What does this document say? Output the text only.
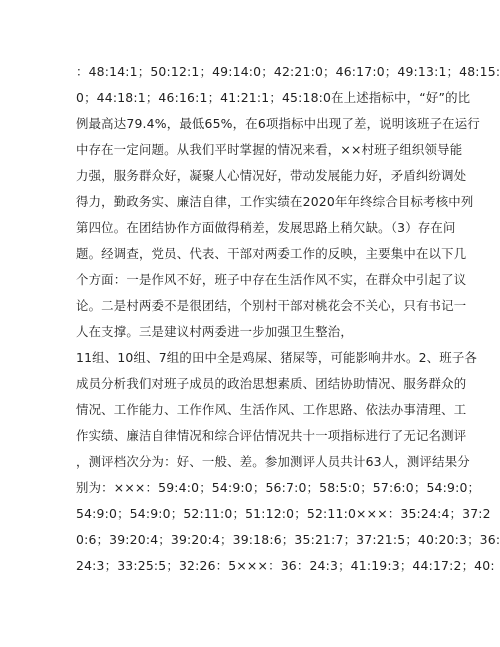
：48:14:1；50:12:1；49:14:0；42:21:0；46:17:0；49:13:1；48:15:
0；44:18:1；46:16:1；41:21:1；45:18:0在上述指标中，“好”的比
例最高达79.4%，最低65%，在6项指标中出现了差，说明该班子在运行
中存在一定问题。从我们平时掌握的情况来看，××村班子组织领导能
力强，服务群众好，凝聚人心情况好，带动发展能力好，矛盾纠纷调处
得力，勤政务实、廉洁自律，工作实绩在2020年年终综合目标考核中列
第四位。在团结协作方面做得稍差，发展思路上稍欠缺。（3）存在问
题。经调查，党员、代表、干部对两委工作的反映，主要集中在以下几
个方面：一是作风不好，班子中存在生活作风不实，在群众中引起了议
论。二是村两委不是很团结，个别村干部对桃花会不关心，只有书记一
人在支撑。三是建议村两委进一步加强卫生整治，
11组、10组、7组的田中全是鸡屎、猪屎等，可能影响井水。2、班子各
成员分析我们对班子成员的政治思想素质、团结协助情况、服务群众的
情况、工作能力、工作作风、生活作风、工作思路、依法办事清理、工
作实绩、廉洁自律情况和综合评估情况共十一项指标进行了无记名测评
，测评档次分为：好、一般、差。参加测评人员共计63人，测评结果分
别为：×××：59:4:0；54:9:0；56:7:0；58:5:0；57:6:0；54:9:0；
54:9:0；54:9:0；52:11:0；51:12:0；52:11:0×××：35:24:4；37:2
0:6；39:20:4；39:20:4；39:18:6；35:21:7；37:21:5；40:20:3；36:
24:3；33:25:5；32:26：5×××：36：24:3；41:19:3；44:17:2；40:
